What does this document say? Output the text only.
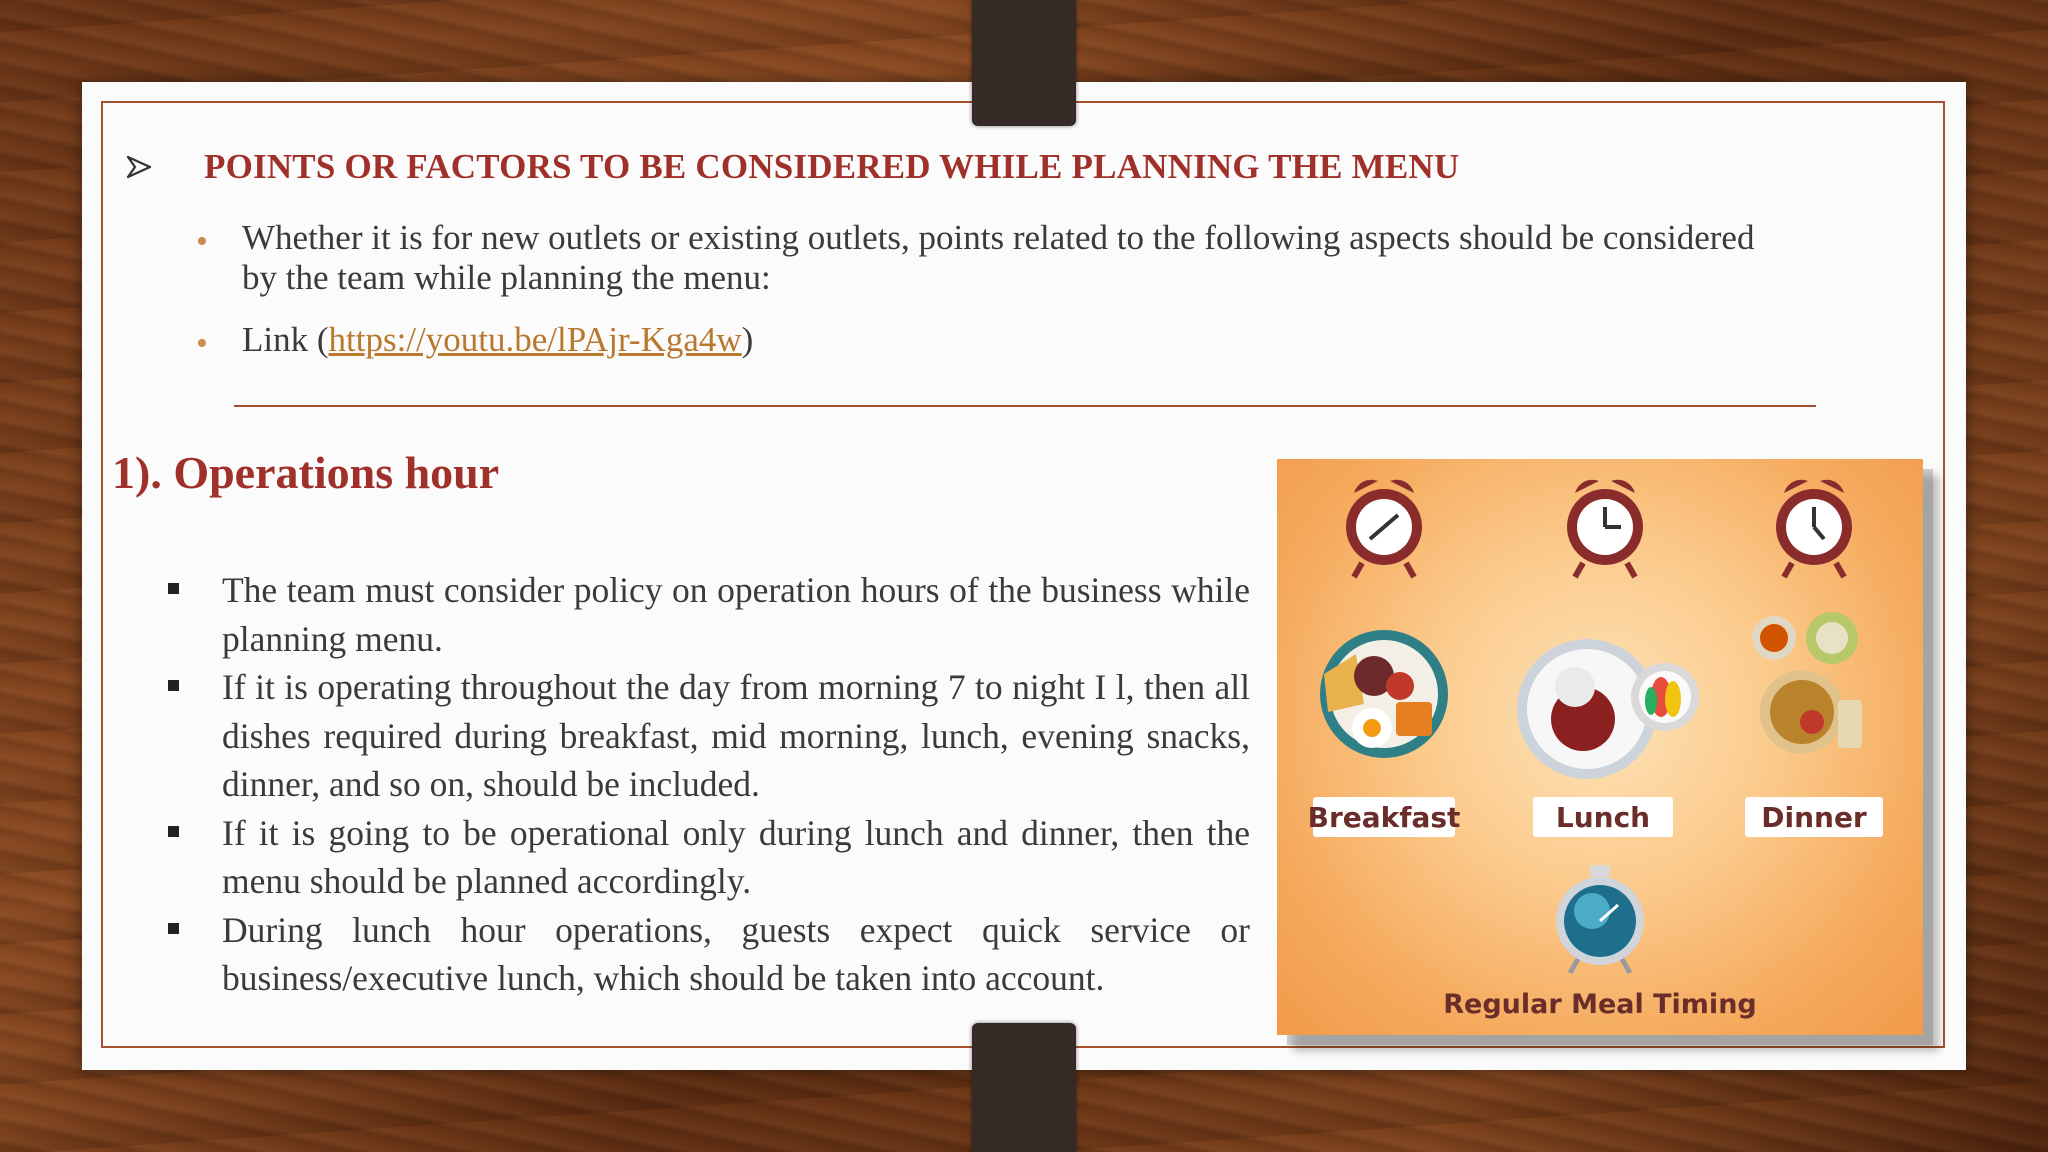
POINTS OR FACTORS TO BE CONSIDERED WHILE PLANNING THE MENU
• Whether it is for new outlets or existing outlets, points related to the following aspects should be considered by the team while planning the menu:
• Link (https://youtu.be/lPAjr-Kga4w)
1). Operations hour
The team must consider policy on operation hours of the business while planning menu.
If it is operating throughout the day from morning 7 to night I l, then all dishes required during breakfast, mid morning, lunch, evening snacks, dinner, and so on, should be included.
If it is going to be operational only during lunch and dinner, then the menu should be planned accordingly.
During lunch hour operations, guests expect quick service or business/executive lunch, which should be taken into account.
Breakfast	Lunch	Dinner
Regular Meal Timing
